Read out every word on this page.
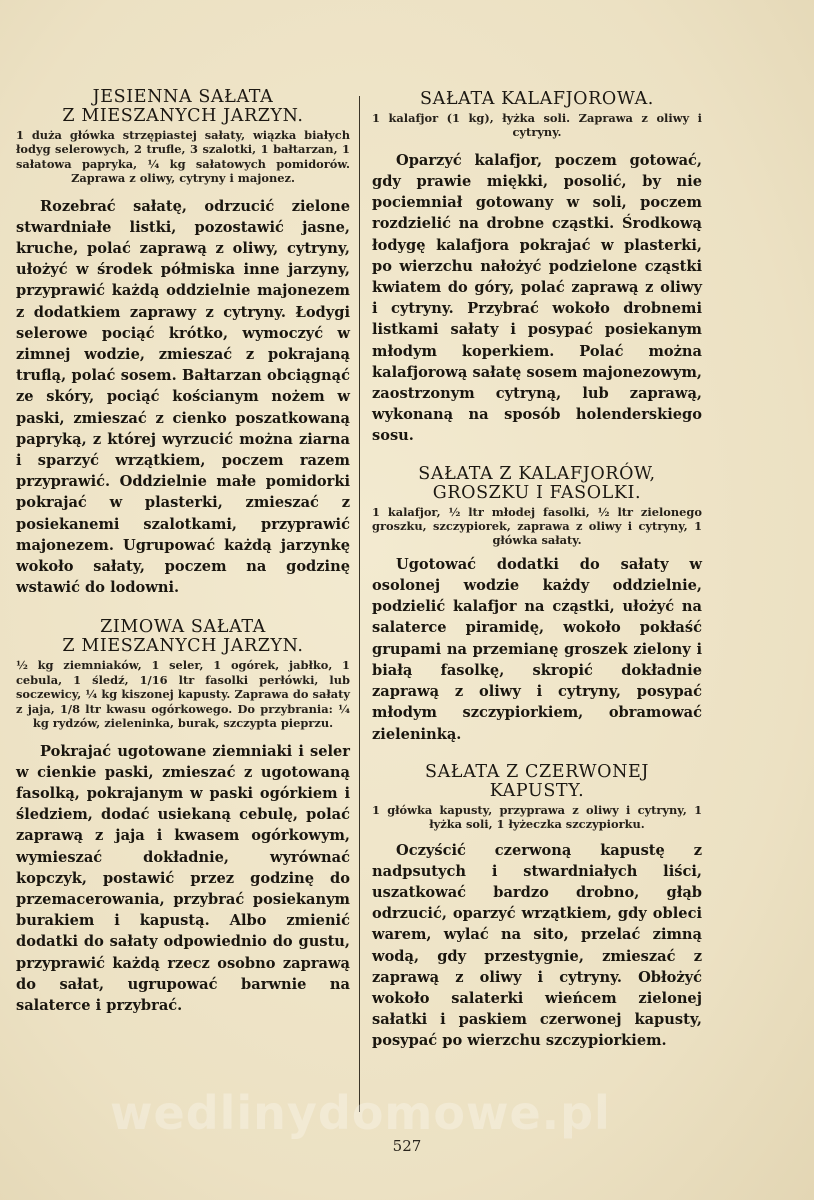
JESIENNA SAŁATA
Z MIESZANYCH JARZYN.

1 duża główka strzępiastej sałaty, wiązka białych łodyg selerowych, 2 trufle, 3 szalotki, 1 bałtarzan, 1 sałatowa papryka, ¼ kg sałatowych pomidorów. Zaprawa z oliwy, cytryny i majonez.

Rozebrać sałatę, odrzucić zielone stwardniałe listki, pozostawić jasne, kruche, polać zaprawą z oliwy, cytryny, ułożyć w środek półmiska inne jarzyny, przyprawić każdą oddzielnie majonezem z dodatkiem zaprawy z cytryny. Łodygi selerowe pociąć krótko, wymoczyć w zimnej wodzie, zmieszać z pokrajaną truflą, polać sosem. Bałtarzan obciągnąć ze skóry, pociąć kościanym nożem w paski, zmieszać z cienko poszatkowaną papryką, z której wyrzucić można ziarna i sparzyć wrzątkiem, poczem razem przyprawić. Oddzielnie małe pomidorki pokrajać w plasterki, zmieszać z posiekanemi szalotkami, przyprawić majonezem. Ugrupować każdą jarzynkę wokoło sałaty, poczem na godzinę wstawić do lodowni.

ZIMOWA SAŁATA
Z MIESZANYCH JARZYN.

½ kg ziemniaków, 1 seler, 1 ogórek, jabłko, 1 cebula, 1 śledź, 1/16 ltr fasolki perłówki, lub soczewicy, ¼ kg kiszonej kapusty. Zaprawa do sałaty z jaja, 1/8 ltr kwasu ogórkowego. Do przybrania: ¼ kg rydzów, zieleninka, burak, szczypta pieprzu.

Pokrajać ugotowane ziemniaki i seler w cienkie paski, zmieszać z ugotowaną fasolką, pokrajanym w paski ogórkiem i śledziem, dodać usiekaną cebulę, polać zaprawą z jaja i kwasem ogórkowym, wymieszać dokładnie, wyrównać kopczyk, postawić przez godzinę do przemacerowania, przybrać posiekanym burakiem i kapustą. Albo zmienić dodatki do sałaty odpowiednio do gustu, przyprawić każdą rzecz osobno zaprawą do sałat, ugrupować barwnie na salaterce i przybrać.

SAŁATA KALAFJOROWA.

1 kalafjor (1 kg), łyżka soli. Zaprawa z oliwy i cytryny.

Oparzyć kalafjor, poczem gotować, gdy prawie miękki, posolić, by nie pociemniał gotowany w soli, poczem rozdzielić na drobne cząstki. Środkową łodygę kalafjora pokrajać w plasterki, po wierzchu nałożyć podzielone cząstki kwiatem do góry, polać zaprawą z oliwy i cytryny. Przybrać wokoło drobnemi listkami sałaty i posypać posiekanym młodym koperkiem. Polać można kalafjorową sałatę sosem majonezowym, zaostrzonym cytryną, lub zaprawą, wykonaną na sposób holenderskiego sosu.

SAŁATA Z KALAFJORÓW,
GROSZKU I FASOLKI.

1 kalafjor, ½ ltr młodej fasolki, ½ ltr zielonego groszku, szczypiorek, zaprawa z oliwy i cytryny, 1 główka sałaty.

Ugotować dodatki do sałaty w osolonej wodzie każdy oddzielnie, podzielić kalafjor na cząstki, ułożyć na salaterce piramidę, wokoło pokłaść grupami na przemianę groszek zielony i białą fasolkę, skropić dokładnie zaprawą z oliwy i cytryny, posypać młodym szczypiorkiem, obramować zieleninką.

SAŁATA Z CZERWONEJ
KAPUSTY.

1 główka kapusty, przyprawa z oliwy i cytryny, 1 łyżka soli, 1 łyżeczka szczypiorku.

Oczyścić czerwoną kapustę z nadpsutych i stwardniałych liści, uszatkować bardzo drobno, głąb odrzucić, oparzyć wrzątkiem, gdy obleci warem, wylać na sito, przelać zimną wodą, gdy przestygnie, zmieszać z zaprawą z oliwy i cytryny. Obłożyć wokoło salaterki wieńcem zielonej sałatki i paskiem czerwonej kapusty, posypać po wierzchu szczypiorkiem.

wedlinydomowe.pl
527
